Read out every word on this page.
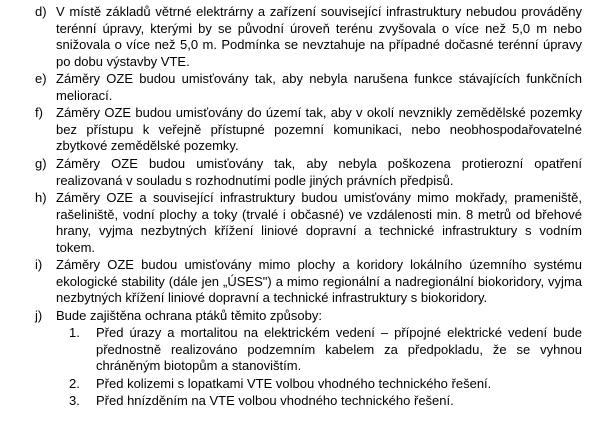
d) V místě základů větrné elektrárny a zařízení související infrastruktury nebudou prováděny terénní úpravy, kterými by se původní úroveň terénu zvyšovala o více než 5,0 m nebo snižovala o více než 5,0 m. Podmínka se nevztahuje na případné dočasné terénní úpravy po dobu výstavby VTE.
e) Záměry OZE budou umisťovány tak, aby nebyla narušena funkce stávajících funkčních meliorací.
f) Záměry OZE budou umisťovány do území tak, aby v okolí nevznikly zemědělské pozemky bez přístupu k veřejně přístupné pozemní komunikaci, nebo neobhospodařovatelné zbytkové zemědělské pozemky.
g) Záměry OZE budou umisťovány tak, aby nebyla poškozena protierozní opatření realizovaná v souladu s rozhodnutími podle jiných právních předpisů.
h) Záměry OZE a související infrastruktury budou umisťovány mimo mokřady, prameniště, rašeliniště, vodní plochy a toky (trvalé i občasné) ve vzdálenosti min. 8 metrů od břehové hrany, vyjma nezbytných křížení liniové dopravní a technické infrastruktury s vodním tokem.
i) Záměry OZE budou umisťovány mimo plochy a koridory lokálního územního systému ekologické stability (dále jen „ÚSES") a mimo regionální a nadregionální biokoridory, vyjma nezbytných křížení liniové dopravní a technické infrastruktury s biokoridory.
j) Bude zajištěna ochrana ptáků těmito způsoby:
1. Před úrazy a mortalitou na elektrickém vedení – přípojné elektrické vedení bude přednostně realizováno podzemním kabelem za předpokladu, že se vyhnou chráněným biotopům a stanovištím.
2. Před kolizemi s lopatkami VTE volbou vhodného technického řešení.
3. Před hnízděním na VTE volbou vhodného technického řešení.
